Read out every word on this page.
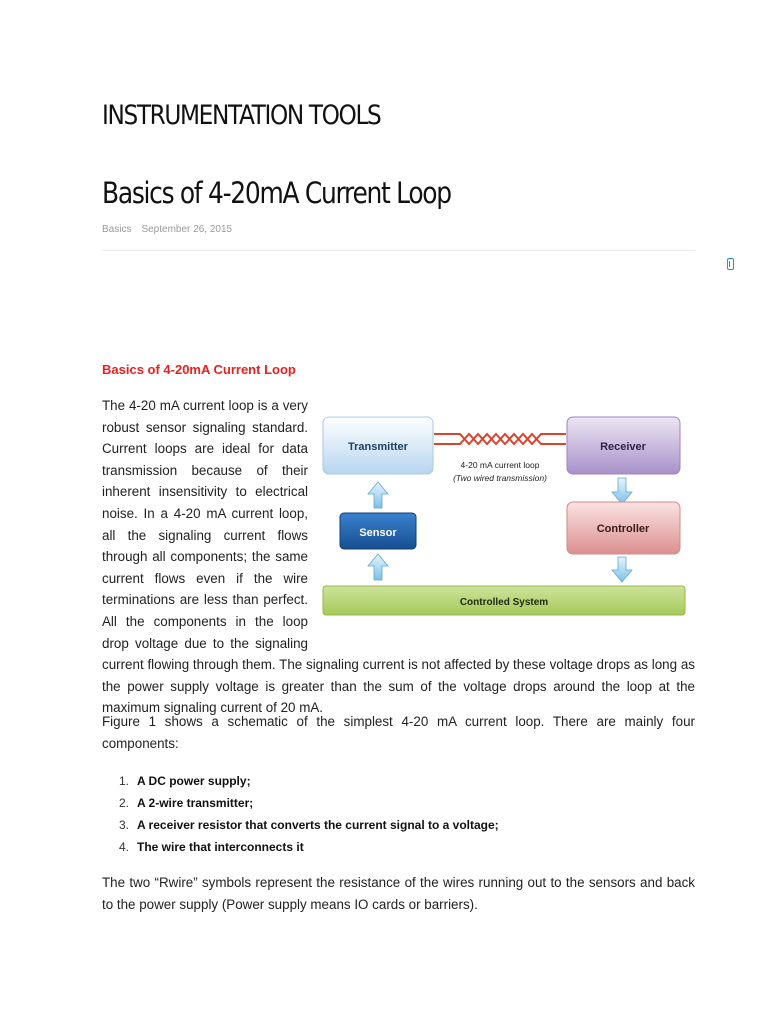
INSTRUMENTATION TOOLS
Basics of 4-20mA Current Loop
Basics September 26, 2015
Basics of 4-20mA Current Loop
Transmitter	Receiver
4-20 mA current loop
(Two wired transmission)
Sensor	Controller
Controlled System
The 4-20 mA current loop is a very robust sensor signaling standard. Current loops are ideal for data transmission because of their inherent insensitivity to electrical noise. In a 4-20 mA current loop, all the signaling current flows through all components; the same current flows even if the wire terminations are less than perfect. All the components in the loop drop voltage due to the signaling current flowing through them. The signaling current is not affected by these voltage drops as long as the power supply voltage is greater than the sum of the voltage drops around the loop at the maximum signaling current of 20 mA.

Figure 1 shows a schematic of the simplest 4-20 mA current loop. There are mainly four components:

1. A DC power supply;
2. A 2-wire transmitter;
3. A receiver resistor that converts the current signal to a voltage;
4. The wire that interconnects it

The two “Rwire” symbols represent the resistance of the wires running out to the sensors and back to the power supply (Power supply means IO cards or barriers).
